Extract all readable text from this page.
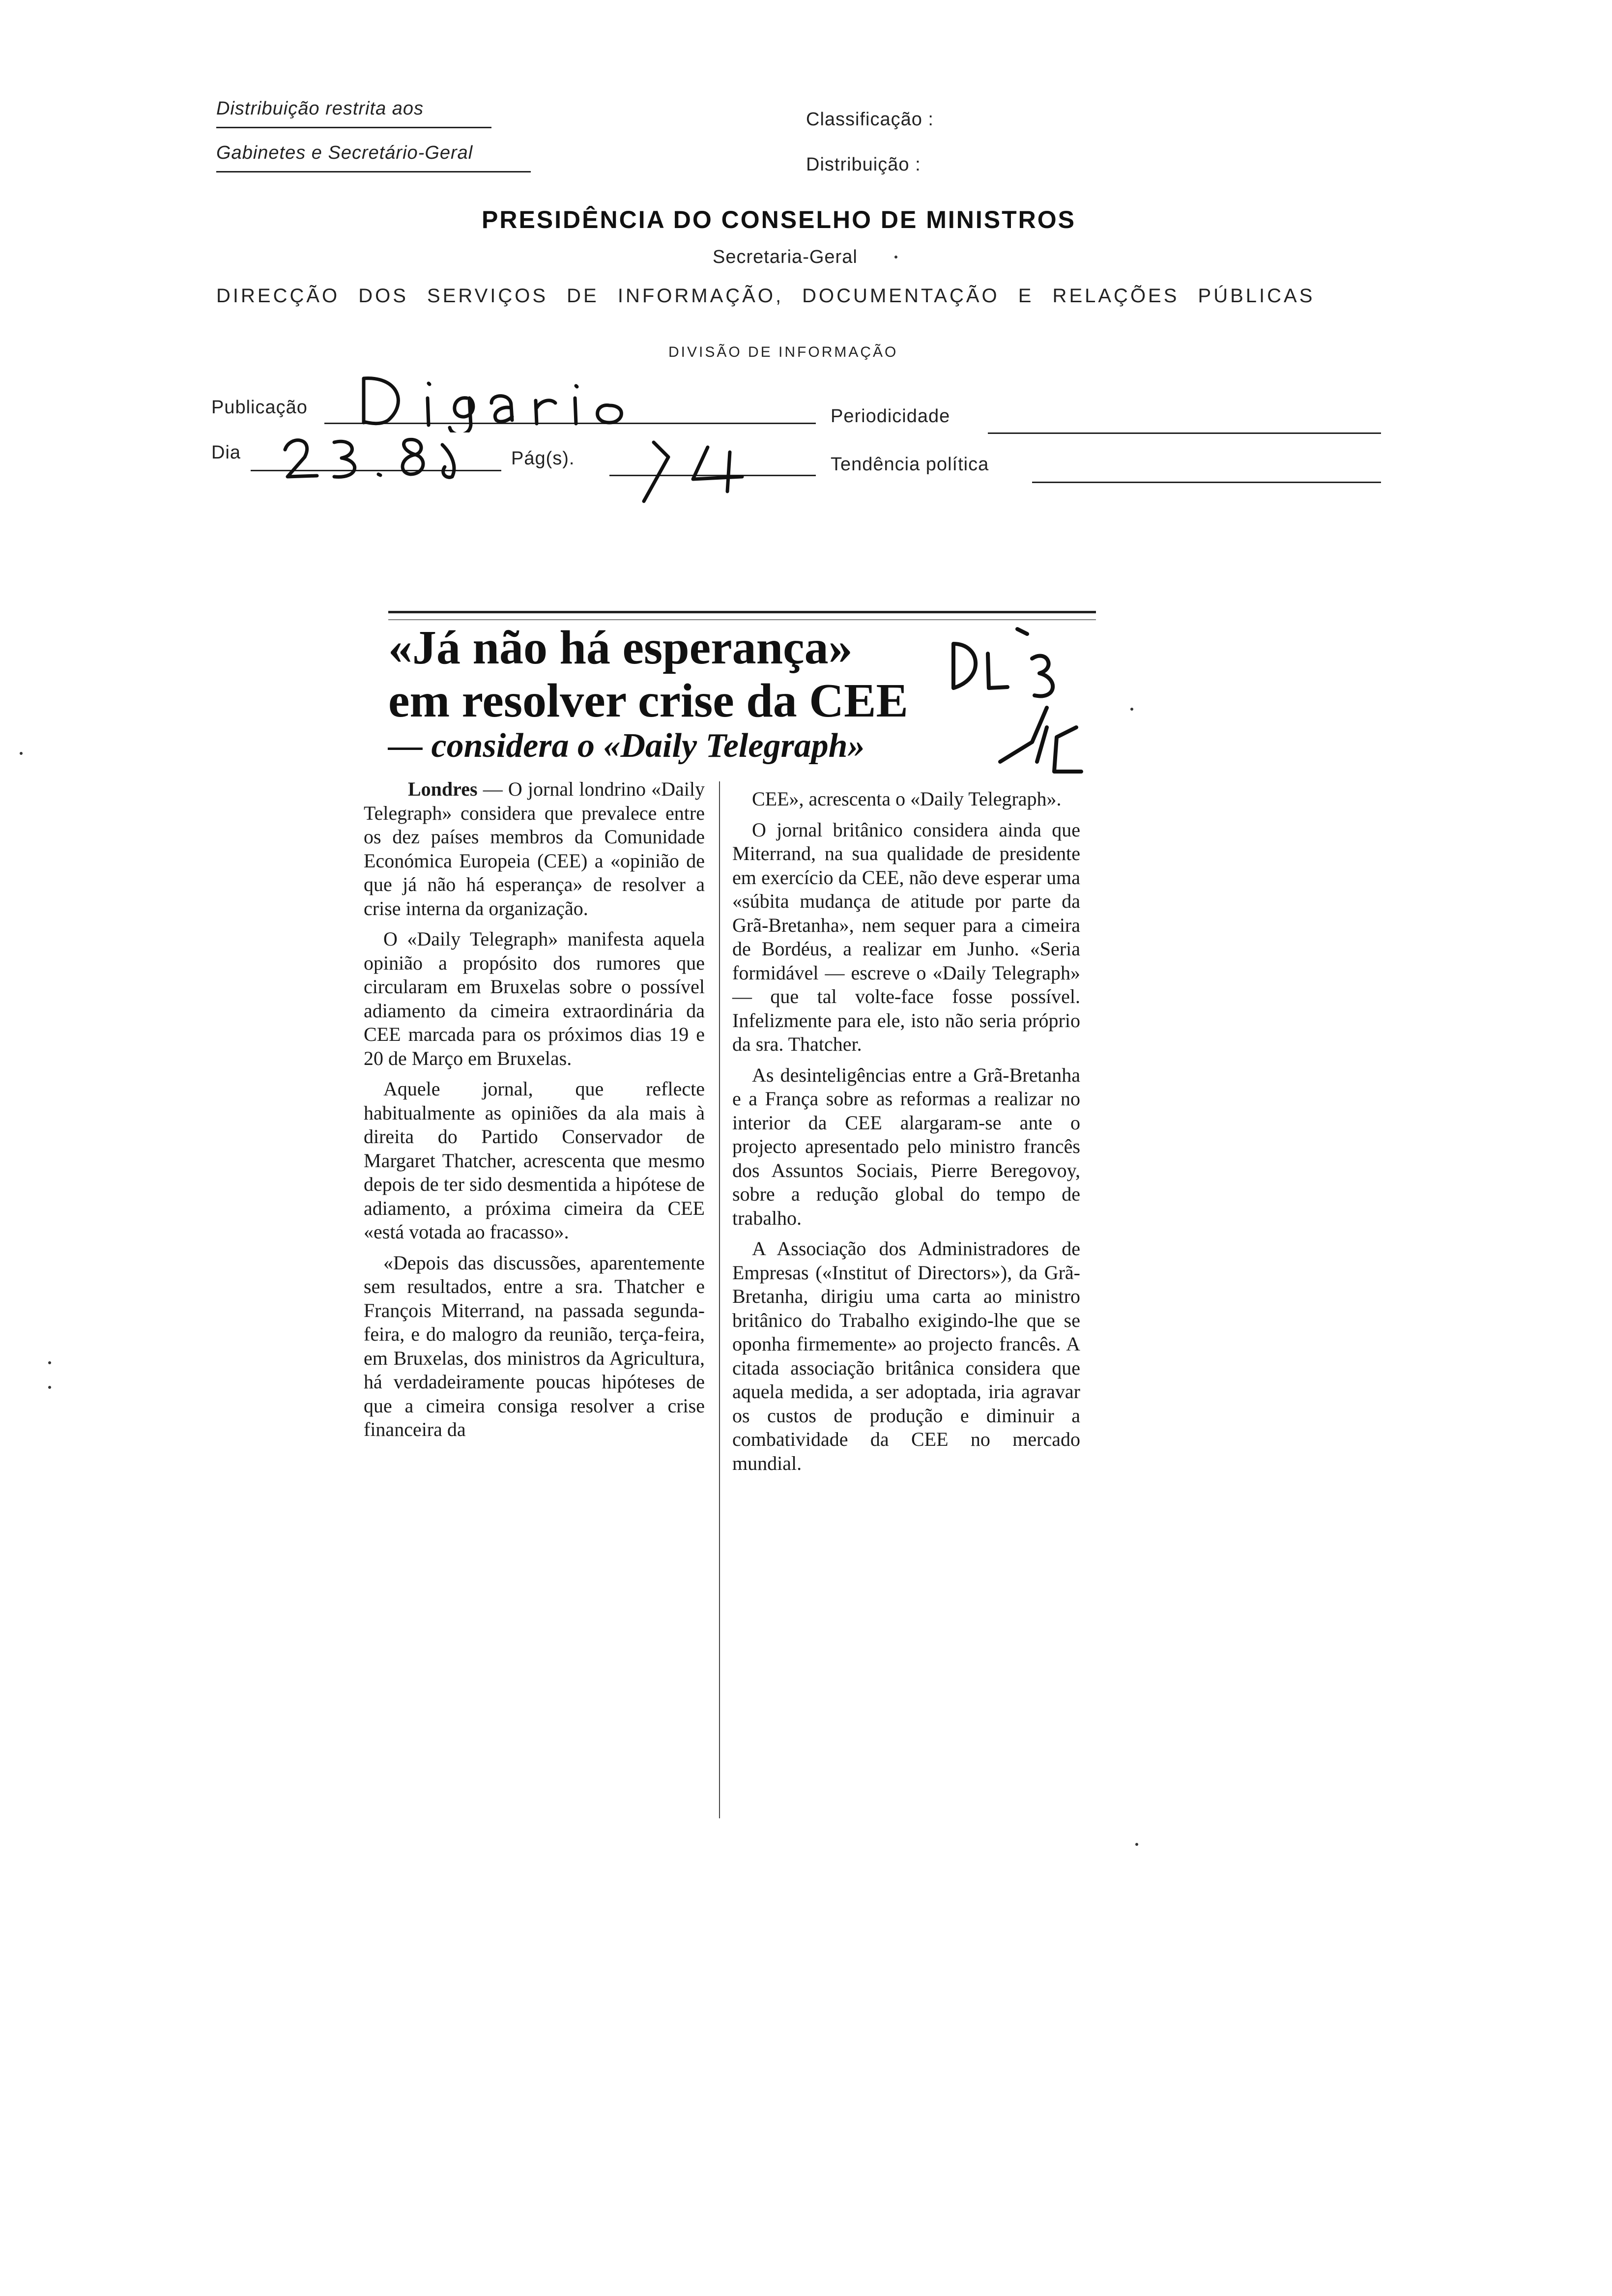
Distribuição restrita aos
Gabinetes e Secretário-Geral
Classificação :
Distribuição :
PRESIDÊNCIA DO CONSELHO DE MINISTROS
Secretaria-Geral
DIRECÇÃO DOS SERVIÇOS DE INFORMAÇÃO, DOCUMENTAÇÃO E RELAÇÕES PÚBLICAS
DIVISÃO DE INFORMAÇÃO
Publicação	Periodicidade
Dia	Pág(s).	Tendência política
«Já não há esperança»
em resolver crise da CEE
— considera o «Daily Telegraph»

Londres — O jornal londrino «Daily Telegraph» considera que prevalece entre os dez países membros da Comunidade Económica Europeia (CEE) a «opinião de que já não há esperança» de resolver a crise interna da organização.

O «Daily Telegraph» manifesta aquela opinião a propósito dos rumores que circularam em Bruxelas sobre o possível adiamento da cimeira extraordinária da CEE marcada para os próximos dias 19 e 20 de Março em Bruxelas.

Aquele jornal, que reflecte habitualmente as opiniões da ala mais à direita do Partido Conservador de Margaret Thatcher, acrescenta que mesmo depois de ter sido desmentida a hipótese de adiamento, a próxima cimeira da CEE «está votada ao fracasso».

«Depois das discussões, aparentemente sem resultados, entre a sra. Thatcher e François Miterrand, na passada segunda-feira, e do malogro da reunião, terça-feira, em Bruxelas, dos ministros da Agricultura, há verdadeiramente poucas hipóteses de que a cimeira consiga resolver a crise financeira da

CEE», acrescenta o «Daily Telegraph».

O jornal britânico considera ainda que Miterrand, na sua qualidade de presidente em exercício da CEE, não deve esperar uma «súbita mudança de atitude por parte da Grã-Bretanha», nem sequer para a cimeira de Bordéus, a realizar em Junho. «Seria formidável — escreve o «Daily Telegraph» — que tal volte-face fosse possível. Infelizmente para ele, isto não seria próprio da sra. Thatcher.

As desinteligências entre a Grã-Bretanha e a França sobre as reformas a realizar no interior da CEE alargaram-se ante o projecto apresentado pelo ministro francês dos Assuntos Sociais, Pierre Beregovoy, sobre a redução global do tempo de trabalho.

A Associação dos Administradores de Empresas («Institut of Directors»), da Grã-Bretanha, dirigiu uma carta ao ministro britânico do Trabalho exigindo-lhe que se oponha firmemente» ao projecto francês. A citada associação britânica considera que aquela medida, a ser adoptada, iria agravar os custos de produção e diminuir a combatividade da CEE no mercado mundial.
